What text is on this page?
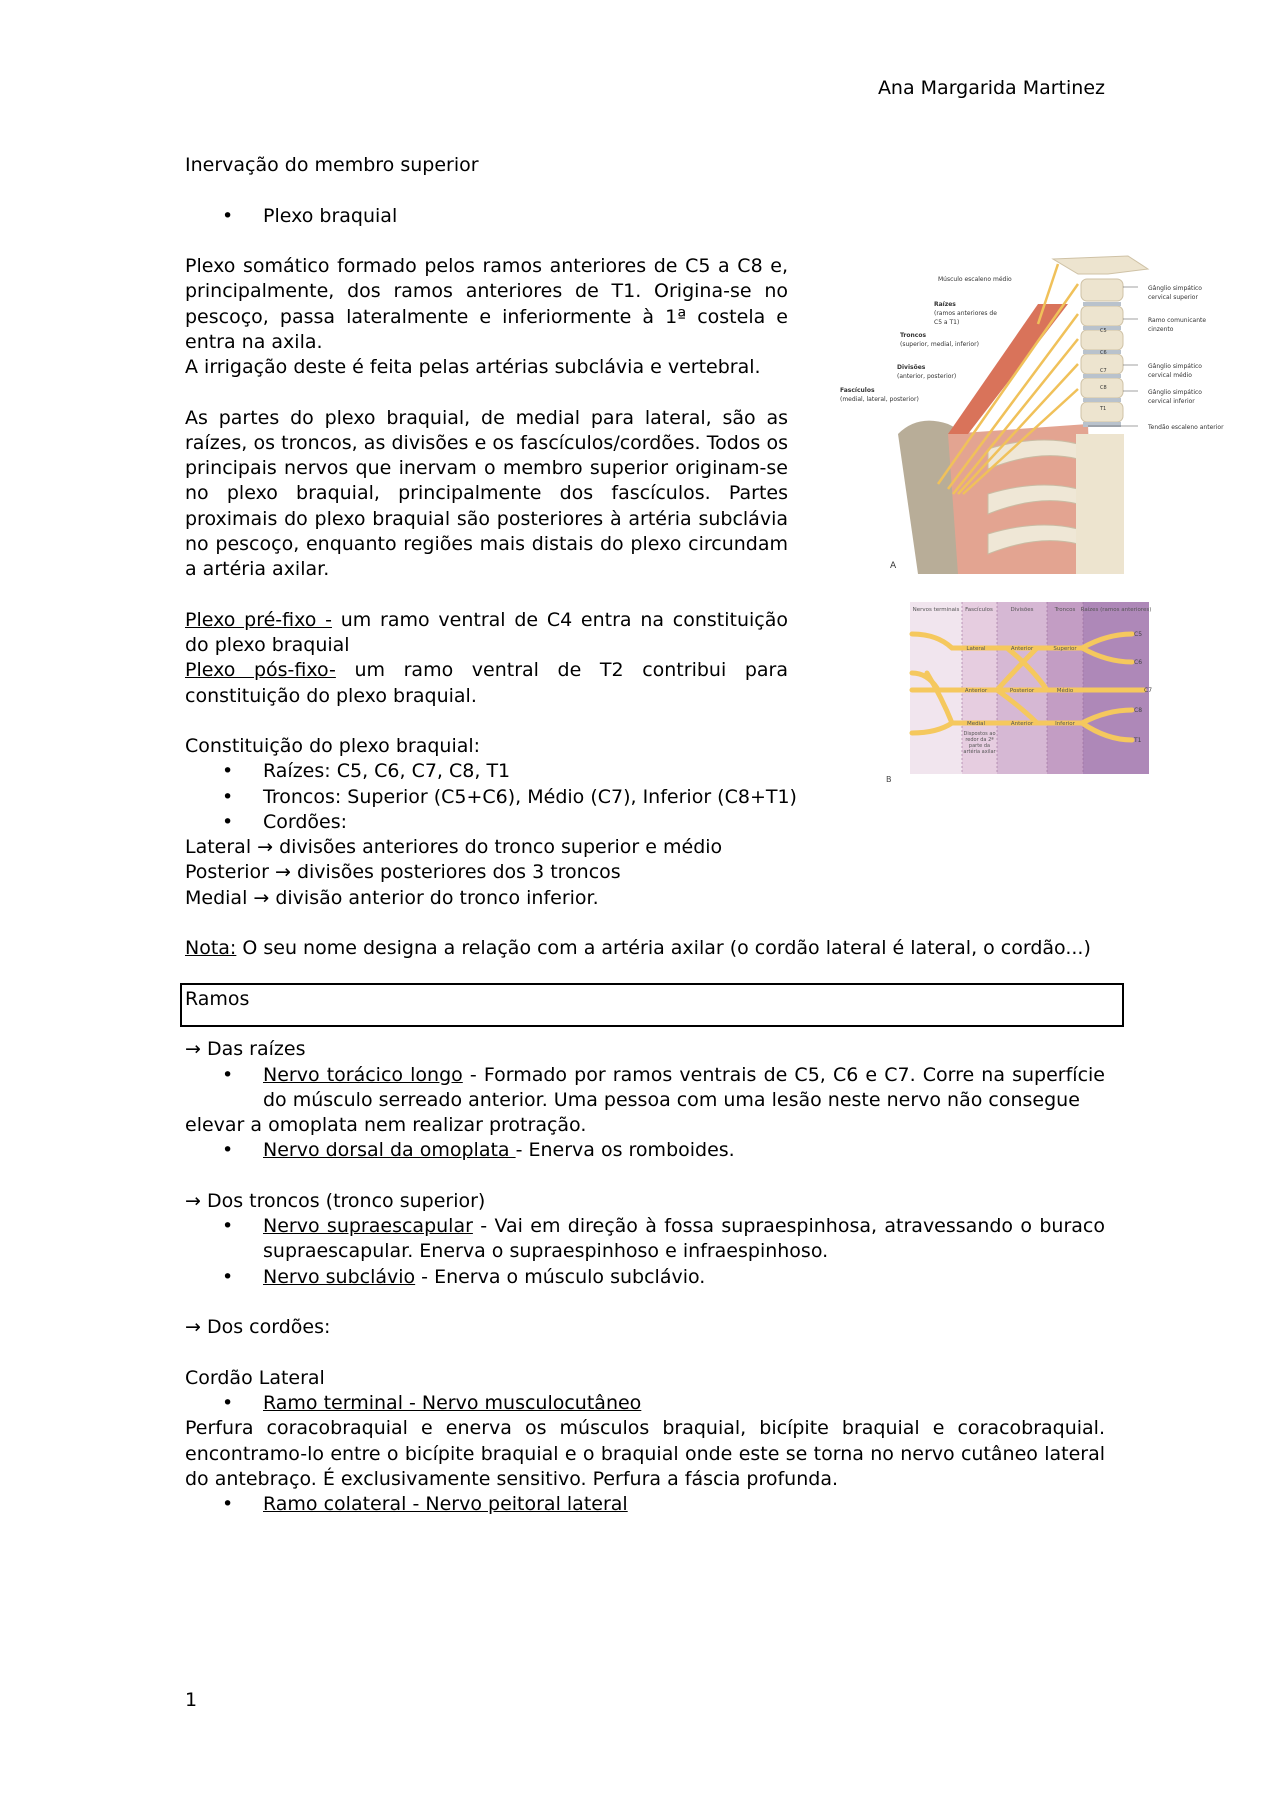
Ana Margarida Martinez

Inervação do membro superior

• Plexo braquial

Plexo somático formado pelos ramos anteriores de C5 a C8 e, principalmente, dos ramos anteriores de T1. Origina-se no pescoço, passa lateralmente e inferiormente à 1ª costela e entra na axila.

A irrigação deste é feita pelas artérias subclávia e vertebral.

As partes do plexo braquial, de medial para lateral, são as raízes, os troncos, as divisões e os fascículos/cordões. Todos os principais nervos que inervam o membro superior originam-se no plexo braquial, principalmente dos fascículos. Partes proximais do plexo braquial são posteriores à artéria subclávia no pescoço, enquanto regiões mais distais do plexo circundam a artéria axilar.

Plexo pré-fixo - um ramo ventral de C4 entra na constituição do plexo braquial

Plexo pós-fixo- um ramo ventral de T2 contribui para constituição do plexo braquial.

Constituição do plexo braquial:

• Raízes: C5, C6, C7, C8, T1

• Troncos: Superior (C5+C6), Médio (C7), Inferior (C8+T1)

• Cordões:

Lateral → divisões anteriores do tronco superior e médio

Posterior → divisões posteriores dos 3 troncos

Medial → divisão anterior do tronco inferior.

Nota: O seu nome designa a relação com a artéria axilar (o cordão lateral é lateral, o cordão...)

Ramos

→ Das raízes

• Nervo torácico longo - Formado por ramos ventrais de C5, C6 e C7. Corre na superfície do músculo serreado anterior. Uma pessoa com uma lesão neste nervo não consegue

elevar a omoplata nem realizar protração.

• Nervo dorsal da omoplata - Enerva os romboides.

→ Dos troncos (tronco superior)

• Nervo supraescapular - Vai em direção à fossa supraespinhosa, atravessando o buraco supraescapular. Enerva o supraespinhoso e infraespinhoso.

• Nervo subclávio - Enerva o músculo subclávio.

→ Dos cordões:

Cordão Lateral

• Ramo terminal - Nervo musculocutâneo

Perfura coracobraquial e enerva os músculos braquial, bicípite braquial e coracobraquial. encontramo-lo entre o bicípite braquial e o braquial onde este se torna no nervo cutâneo lateral do antebraço. É exclusivamente sensitivo. Perfura a fáscia profunda.

• Ramo colateral - Nervo peitoral lateral

1
Músculo escaleno médio
Raízes
(ramos anteriores de
C5 a T1)
Troncos
(superior, medial, inferior)
Divisões
(anterior, posterior)
Fascículos
(medial, lateral, posterior)
Gânglio simpático
cervical superior
Ramo comunicante
cinzento
Gânglio simpático
cervical médio
Gânglio simpático
cervical inferior
Tendão escaleno anterior
C5
C6
C7
C8
T1
A
Nervos terminais Fascículos	Divisões	Troncos Raízes (ramos anteriores)
Lateral	Anterior	Superior
Anterior	Posterior	Médio
Medial	Anterior	Inferior
Dispostos ao redor da 2ª parte da artéria axilar
C5
C6
C7
C8
T1
B
